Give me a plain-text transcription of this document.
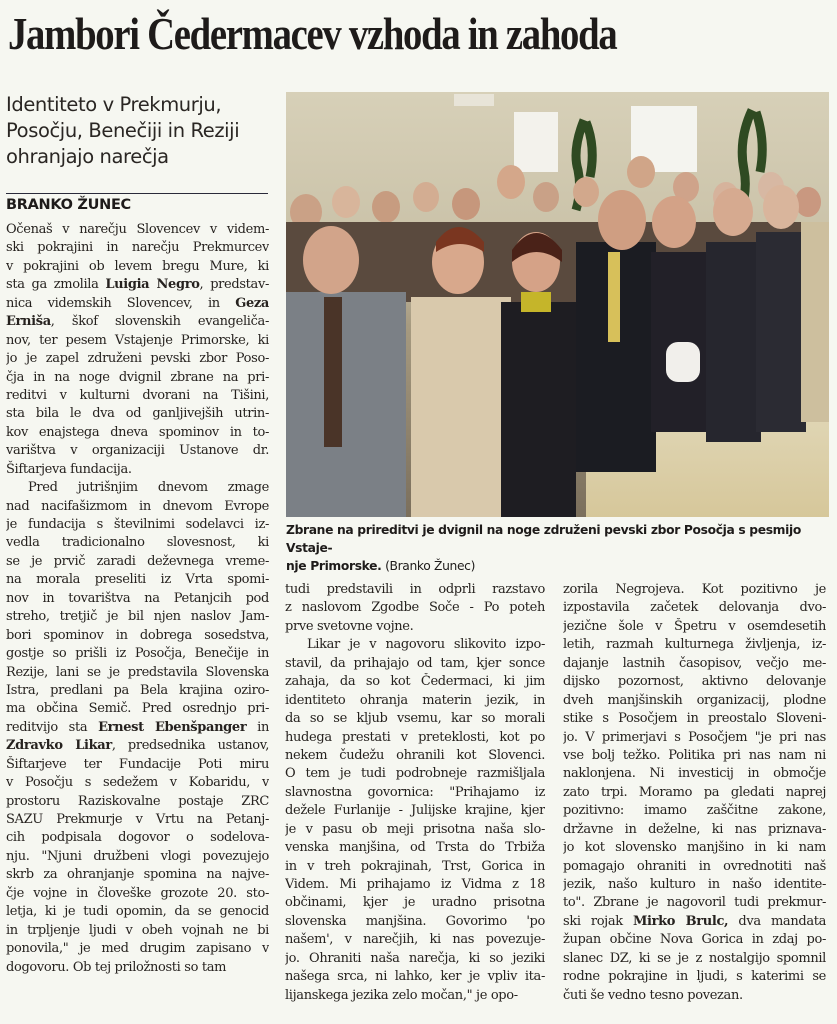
Jambori Čedermacev vzhoda in zahoda
Identiteto v Prekmurju,
Posočju, Benečiji in Reziji
ohranjajo narečja
BRANKO ŽUNEC
Očenaš v narečju Slovencev v videm-
ski pokrajini in narečju Prekmurcev
v pokrajini ob levem bregu Mure, ki
sta ga zmolila Luigia Negro, predstav-
nica videmskih Slovencev, in Geza
Erniša, škof slovenskih evangeliča-
nov, ter pesem Vstajenje Primorske, ki
jo je zapel združeni pevski zbor Poso-
čja in na noge dvignil zbrane na pri-
reditvi v kulturni dvorani na Tišini,
sta bila le dva od ganljivejših utrin-
kov enajstega dneva spominov in to-
varištva v organizaciji Ustanove dr.
Šiftarjeva fundacija.
Pred jutrišnjim dnevom zmage
nad nacifašizmom in dnevom Evrope
je fundacija s številnimi sodelavci iz-
vedla tradicionalno slovesnost, ki
se je prvič zaradi deževnega vreme-
na morala preseliti iz Vrta spomi-
nov in tovarištva na Petanjcih pod
streho, tretjič je bil njen naslov Jam-
bori spominov in dobrega sosedstva,
gostje so prišli iz Posočja, Benečije in
Rezije, lani se je predstavila Slovenska
Istra, predlani pa Bela krajina oziro-
ma občina Semič. Pred osrednjo pri-
reditvijo sta Ernest Ebenšpanger in
Zdravko Likar, predsednika ustanov,
Šiftarjeve ter Fundacije Poti miru
v Posočju s sedežem v Kobaridu, v
prostoru Raziskovalne postaje ZRC
SAZU Prekmurje v Vrtu na Petanj-
cih podpisala dogovor o sodelova-
nju. "Njuni družbeni vlogi povezujejo
skrb za ohranjanje spomina na najve-
čje vojne in človeške grozote 20. sto-
letja, ki je tudi opomin, da se genocid
in trpljenje ljudi v obeh vojnah ne bi
ponovila," je med drugim zapisano v
dogovoru. Ob tej priložnosti so tam
tudi predstavili in odprli razstavo
z naslovom Zgodbe Soče - Po poteh
prve svetovne vojne.
Likar je v nagovoru slikovito izpo-
stavil, da prihajajo od tam, kjer sonce
zahaja, da so kot Čedermaci, ki jim
identiteto ohranja materin jezik, in
da so se kljub vsemu, kar so morali
hudega prestati v preteklosti, kot po
nekem čudežu ohranili kot Slovenci.
O tem je tudi podrobneje razmišljala
slavnostna govornica: "Prihajamo iz
dežele Furlanije - Julijske krajine, kjer
je v pasu ob meji prisotna naša slo-
venska manjšina, od Trsta do Trbiža
in v treh pokrajinah, Trst, Gorica in
Videm. Mi prihajamo iz Vidma z 18
občinami, kjer je uradno prisotna
slovenska manjšina. Govorimo 'po
našem', v narečjih, ki nas povezuje-
jo. Ohraniti naša narečja, ki so jeziki
našega srca, ni lahko, ker je vpliv ita-
lijanskega jezika zelo močan," je opo-
zorila Negrojeva. Kot pozitivno je
izpostavila začetek delovanja dvo-
jezične šole v Špetru v osemdesetih
letih, razmah kulturnega življenja, iz-
dajanje lastnih časopisov, večjo me-
dijsko pozornost, aktivno delovanje
dveh manjšinskih organizacij, plodne
stike s Posočjem in preostalo Sloveni-
jo. V primerjavi s Posočjem "je pri nas
vse bolj težko. Politika pri nas nam ni
naklonjena. Ni investicij in območje
zato trpi. Moramo pa gledati naprej
pozitivno: imamo zaščitne zakone,
državne in deželne, ki nas priznava-
jo kot slovensko manjšino in ki nam
pomagajo ohraniti in ovrednotiti naš
jezik, našo kulturo in našo identite-
to". Zbrane je nagovoril tudi prekmur-
ski rojak Mirko Brulc, dva mandata
župan občine Nova Gorica in zdaj po-
slanec DZ, ki se je z nostalgijo spomnil
rodne pokrajine in ljudi, s katerimi se
čuti še vedno tesno povezan.

Zbrane na prireditvi je dvignil na noge združeni pevski zbor Posočja s pesmijo Vstaje-
nje Primorske. (Branko Žunec)
